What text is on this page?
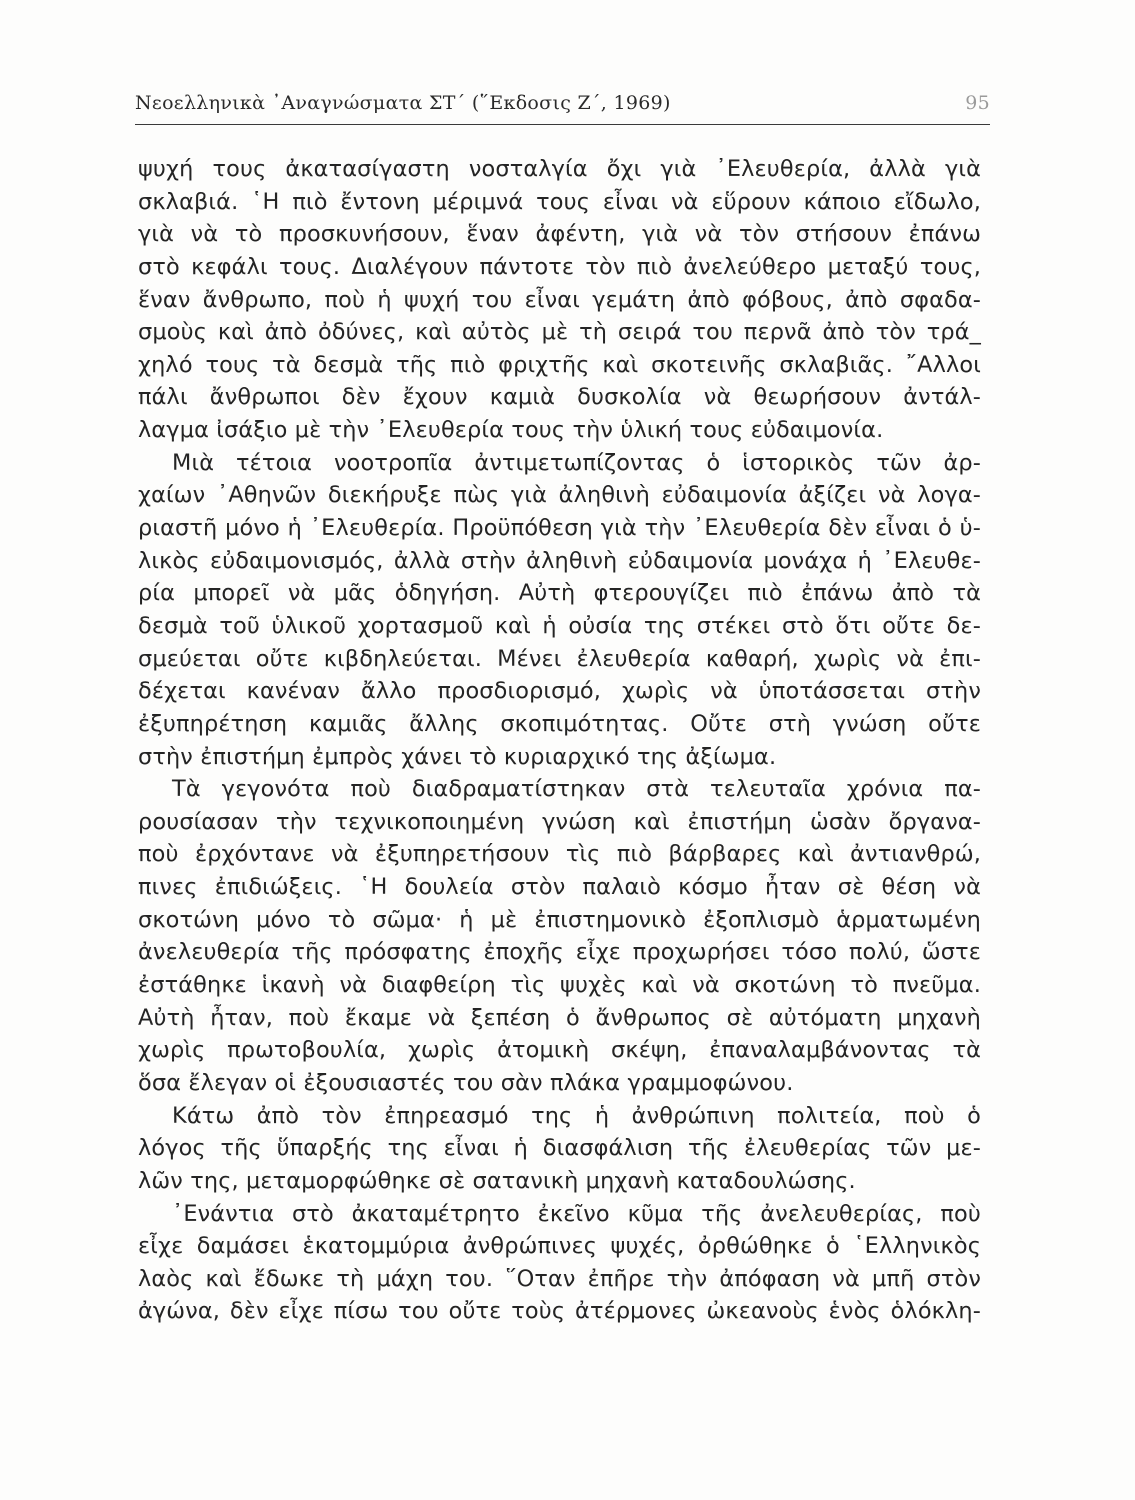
Νεοελληνικὰ ᾿Αναγνώσματα ΣΤ΄ (῞Εκδοσις Ζ΄, 1969)	95
ψυχή τους ἀκατασίγαστη νοσταλγία ὄχι γιὰ ᾿Ελευθερία, ἀλλὰ γιὰ
σκλαβιά. ῾Η πιὸ ἔντονη μέριμνά τους εἶναι νὰ εὕρουν κάποιο εἴδωλο,
γιὰ νὰ τὸ προσκυνήσουν, ἕναν ἀφέντη, γιὰ νὰ τὸν στήσουν ἐπάνω
στὸ κεφάλι τους. Διαλέγουν πάντοτε τὸν πιὸ ἀνελεύθερο μεταξύ τους,
ἕναν ἄνθρωπο, ποὺ ἡ ψυχή του εἶναι γεμάτη ἀπὸ φόβους, ἀπὸ σφαδα-
σμοὺς καὶ ἀπὸ ὀδύνες, καὶ αὐτὸς μὲ τὴ σειρά του περνᾶ ἀπὸ τὸν τρά_
χηλό τους τὰ δεσμὰ τῆς πιὸ φριχτῆς καὶ σκοτεινῆς σκλαβιᾶς. ῎Αλλοι
πάλι ἄνθρωποι δὲν ἔχουν καμιὰ δυσκολία νὰ θεωρήσουν ἀντάλ-
λαγμα ἰσάξιο μὲ τὴν ᾿Ελευθερία τους τὴν ὑλική τους εὐδαιμονία.
Μιὰ τέτοια νοοτροπῖα ἀντιμετωπίζοντας ὁ ἱστορικὸς τῶν ἀρ-
χαίων ᾿Αθηνῶν διεκήρυξε πὼς γιὰ ἀληθινὴ εὐδαιμονία ἀξίζει νὰ λογα-
ριαστῆ μόνο ἡ ᾿Ελευθερία. Προϋπόθεση γιὰ τὴν ᾿Ελευθερία δὲν εἶναι ὁ ὑ-
λικὸς εὐδαιμονισμός, ἀλλὰ στὴν ἀληθινὴ εὐδαιμονία μονάχα ἡ ᾿Ελευθε-
ρία μπορεῖ νὰ μᾶς ὁδηγήση. Αὐτὴ φτερουγίζει πιὸ ἐπάνω ἀπὸ τὰ
δεσμὰ τοῦ ὑλικοῦ χορτασμοῦ καὶ ἡ οὐσία της στέκει στὸ ὅτι οὔτε δε-
σμεύεται οὔτε κιβδηλεύεται. Μένει ἐλευθερία καθαρή, χωρὶς νὰ ἐπι-
δέχεται κανέναν ἄλλο προσδιορισμό, χωρὶς νὰ ὑποτάσσεται στὴν
ἐξυπηρέτηση καμιᾶς ἄλλης σκοπιμότητας. Οὔτε στὴ γνώση οὔτε
στὴν ἐπιστήμη ἐμπρὸς χάνει τὸ κυριαρχικό της ἀξίωμα.
Τὰ γεγονότα ποὺ διαδραματίστηκαν στὰ τελευταῖα χρόνια πα-
ρουσίασαν τὴν τεχνικοποιημένη γνώση καὶ ἐπιστήμη ὡσὰν ὄργανα-
ποὺ ἐρχόντανε νὰ ἐξυπηρετήσουν τὶς πιὸ βάρβαρες καὶ ἀντιανθρώ,
πινες ἐπιδιώξεις. ῾Η δουλεία στὸν παλαιὸ κόσμο ἦταν σὲ θέση νὰ
σκοτώνη μόνο τὸ σῶμα· ἡ μὲ ἐπιστημονικὸ ἐξοπλισμὸ ἁρματωμένη
ἀνελευθερία τῆς πρόσφατης ἐποχῆς εἶχε προχωρήσει τόσο πολύ, ὥστε
ἐστάθηκε ἱκανὴ νὰ διαφθείρη τὶς ψυχὲς καὶ νὰ σκοτώνη τὸ πνεῦμα.
Αὐτὴ ἦταν, ποὺ ἔκαμε νὰ ξεπέση ὁ ἄνθρωπος σὲ αὐτόματη μηχανὴ
χωρὶς πρωτοβουλία, χωρὶς ἀτομικὴ σκέψη, ἐπαναλαμβάνοντας τὰ
ὅσα ἔλεγαν οἱ ἐξουσιαστές του σὰν πλάκα γραμμοφώνου.
Κάτω ἀπὸ τὸν ἐπηρεασμό της ἡ ἀνθρώπινη πολιτεία, ποὺ ὁ
λόγος τῆς ὕπαρξής της εἶναι ἡ διασφάλιση τῆς ἐλευθερίας τῶν με-
λῶν της, μεταμορφώθηκε σὲ σατανικὴ μηχανὴ καταδουλώσης.
᾿Ενάντια στὸ ἀκαταμέτρητο ἐκεῖνο κῦμα τῆς ἀνελευθερίας, ποὺ
εἶχε δαμάσει ἑκατομμύρια ἀνθρώπινες ψυχές, ὀρθώθηκε ὁ ῾Ελληνικὸς
λαὸς καὶ ἔδωκε τὴ μάχη του. ῞Οταν ἐπῆρε τὴν ἀπόφαση νὰ μπῆ στὸν
ἀγώνα, δὲν εἶχε πίσω του οὔτε τοὺς ἀτέρμονες ὠκεανοὺς ἑνὸς ὁλόκλη-
